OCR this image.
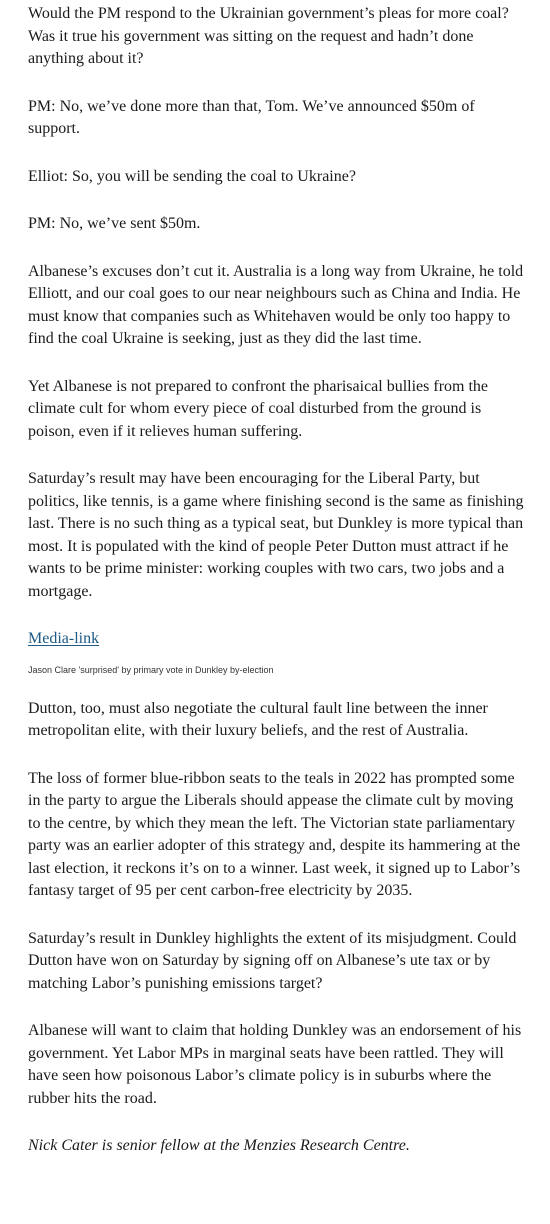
Would the PM respond to the Ukrainian government’s pleas for more coal? Was it true his government was sitting on the request and hadn’t done anything about it?

PM: No, we’ve done more than that, Tom. We’ve announced $50m of support.

Elliot: So, you will be sending the coal to Ukraine?

PM: No, we’ve sent $50m.

Albanese’s excuses don’t cut it. Australia is a long way from Ukraine, he told Elliott, and our coal goes to our near neighbours such as China and India. He must know that companies such as Whitehaven would be only too happy to find the coal Ukraine is seeking, just as they did the last time.

Yet Albanese is not prepared to confront the pharisaical bullies from the climate cult for whom every piece of coal disturbed from the ground is poison, even if it relieves human suffering.

Saturday’s result may have been encouraging for the Liberal Party, but politics, like tennis, is a game where finishing second is the same as finishing last. There is no such thing as a typical seat, but Dunkley is more typical than most. It is populated with the kind of people Peter Dutton must attract if he wants to be prime minister: working couples with two cars, two jobs and a mortgage.

Media-link

Jason Clare 'surprised' by primary vote in Dunkley by-election

Dutton, too, must also negotiate the cultural fault line between the inner metropolitan elite, with their luxury beliefs, and the rest of Australia.

The loss of former blue-ribbon seats to the teals in 2022 has prompted some in the party to argue the Liberals should appease the climate cult by moving to the centre, by which they mean the left. The Victorian state parliamentary party was an earlier adopter of this strategy and, despite its hammering at the last election, it reckons it’s on to a winner. Last week, it signed up to Labor’s fantasy target of 95 per cent carbon-free electricity by 2035.

Saturday’s result in Dunkley highlights the extent of its misjudgment. Could Dutton have won on Saturday by signing off on Albanese’s ute tax or by matching Labor’s punishing emissions target?

Albanese will want to claim that holding Dunkley was an endorsement of his government. Yet Labor MPs in marginal seats have been rattled. They will have seen how poisonous Labor’s climate policy is in suburbs where the rubber hits the road.

Nick Cater is senior fellow at the Menzies Research Centre.
